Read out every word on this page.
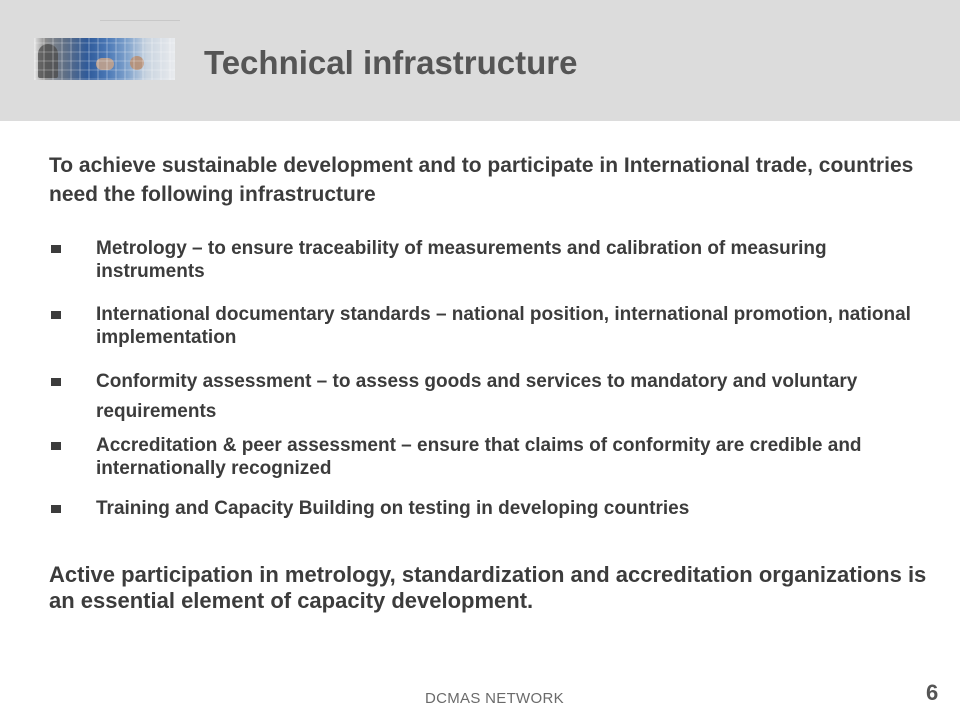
Technical infrastructure
To achieve sustainable development and to participate in International trade, countries need the following infrastructure
Metrology – to ensure traceability of measurements and calibration of measuring instruments
International documentary standards – national position, international promotion, national implementation
Conformity assessment – to assess goods and services to mandatory and voluntary requirements
Accreditation & peer assessment – ensure that claims of conformity are credible and internationally recognized
Training and Capacity Building on testing in developing countries
Active participation in metrology, standardization and accreditation organizations is an essential element of capacity development.
DCMAS NETWORK	6
